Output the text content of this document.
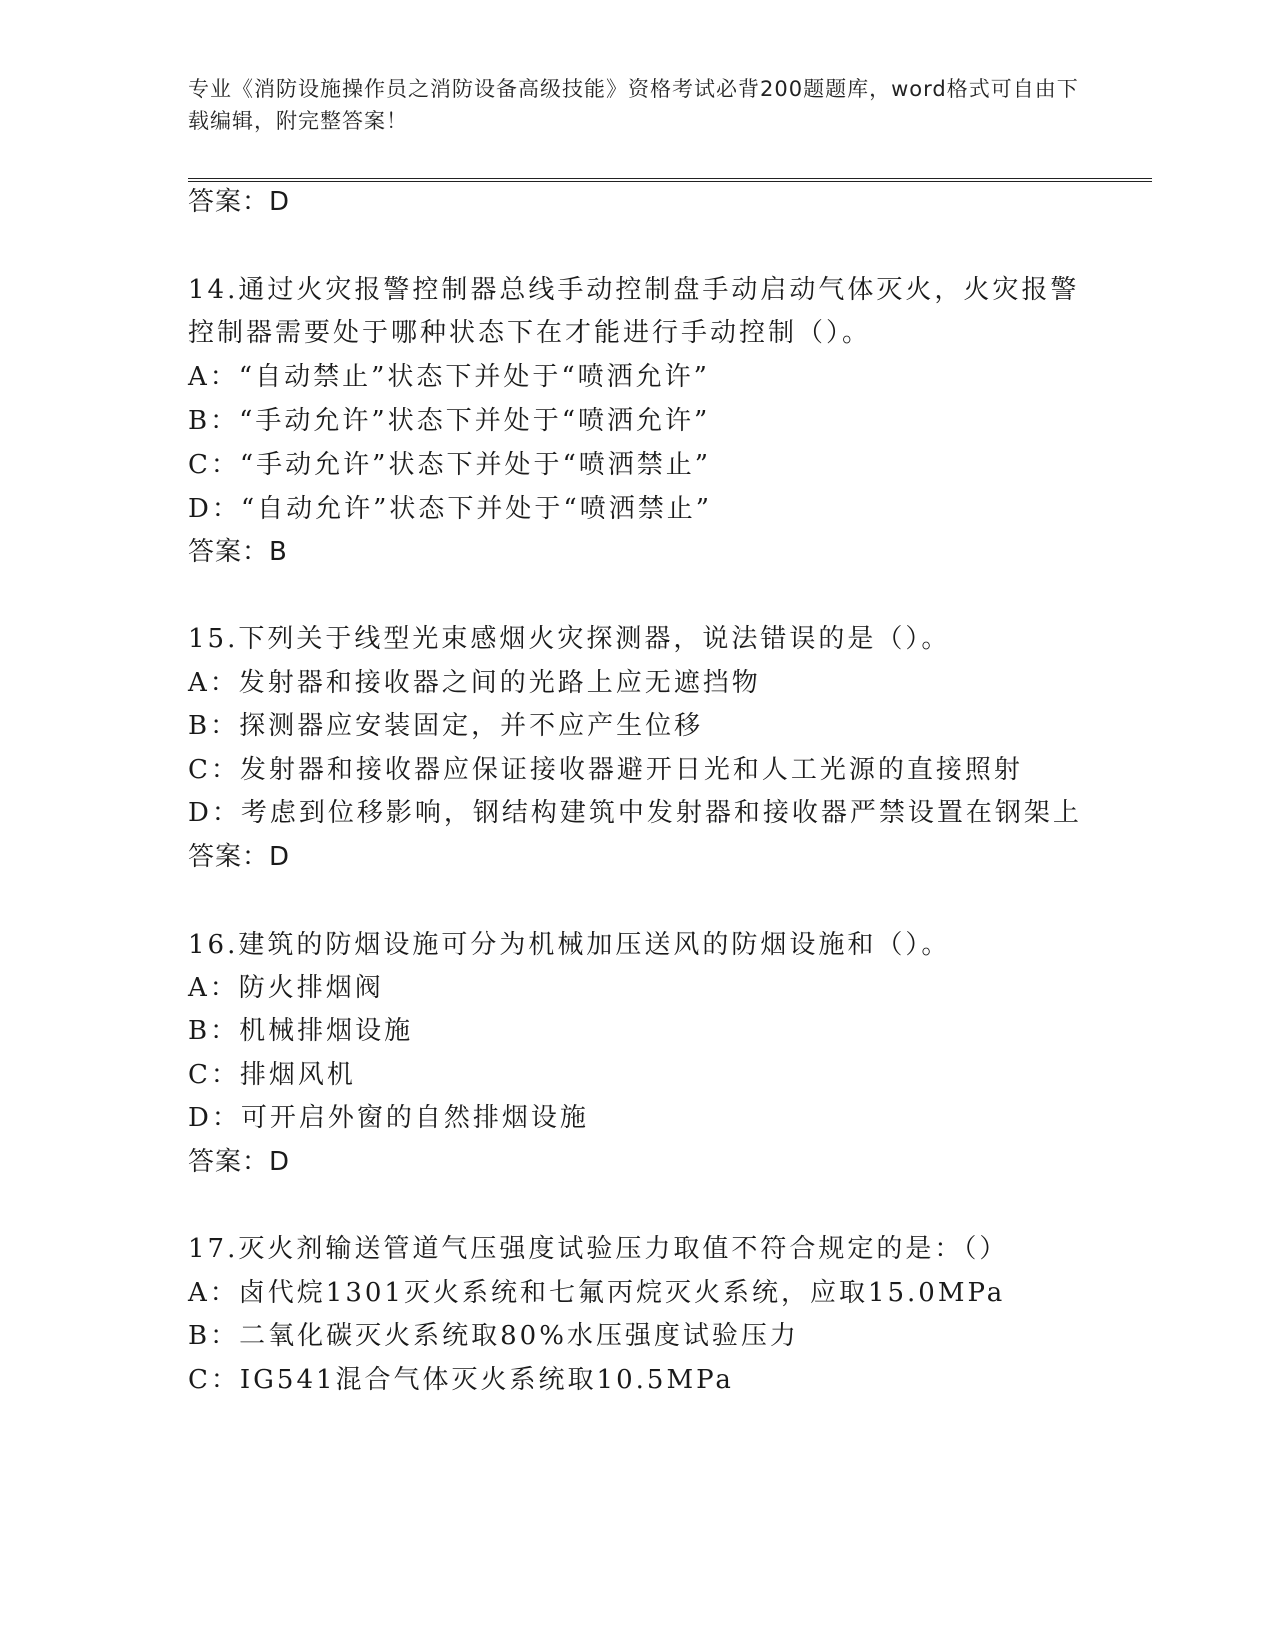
专业《消防设施操作员之消防设备高级技能》资格考试必背200题题库，word格式可自由下载编辑，附完整答案！
答案：D
14.通过火灾报警控制器总线手动控制盘手动启动气体灭火，火灾报警
控制器需要处于哪种状态下在才能进行手动控制（）。
A：“自动禁止”状态下并处于“喷洒允许”
B：“手动允许”状态下并处于“喷洒允许”
C：“手动允许”状态下并处于“喷洒禁止”
D：“自动允许”状态下并处于“喷洒禁止”
答案：B
15.下列关于线型光束感烟火灾探测器，说法错误的是（）。
A：发射器和接收器之间的光路上应无遮挡物
B：探测器应安装固定，并不应产生位移
C：发射器和接收器应保证接收器避开日光和人工光源的直接照射
D：考虑到位移影响，钢结构建筑中发射器和接收器严禁设置在钢架上
答案：D
16.建筑的防烟设施可分为机械加压送风的防烟设施和（）。
A：防火排烟阀
B：机械排烟设施
C：排烟风机
D：可开启外窗的自然排烟设施
答案：D
17.灭火剂输送管道气压强度试验压力取值不符合规定的是：（）
A：卤代烷1301灭火系统和七氟丙烷灭火系统，应取15.0MPa
B：二氧化碳灭火系统取80%水压强度试验压力
C：IG541混合气体灭火系统取10.5MPa
